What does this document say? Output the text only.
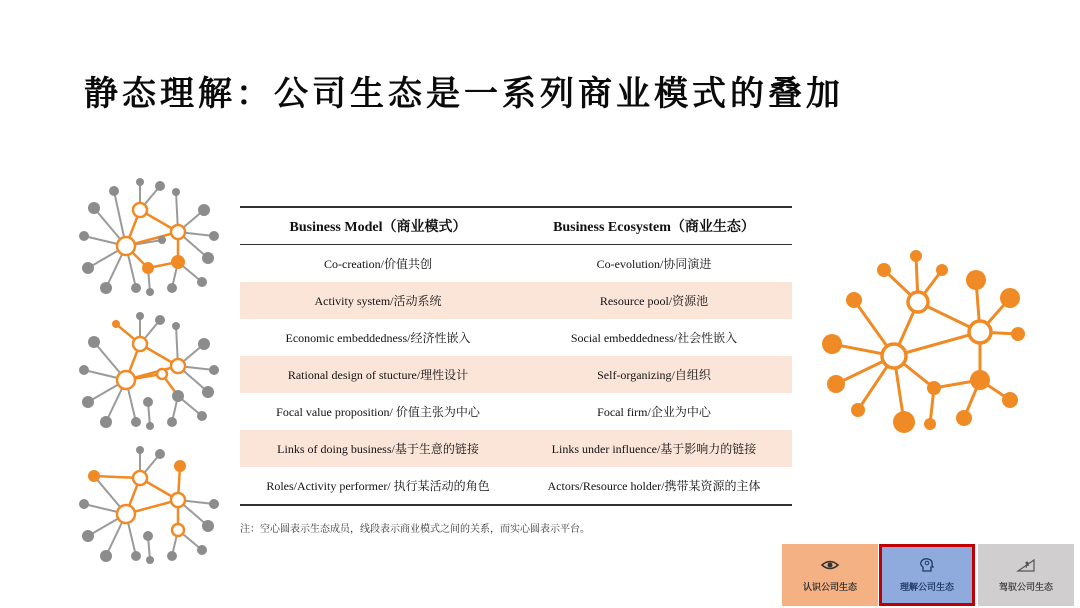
静态理解：公司生态是一系列商业模式的叠加
Business Model（商业模式）	Business Ecosystem（商业生态）
Co-creation/价值共创	Co-evolution/协同演进
Activity system/活动系统	Resource pool/资源池
Economic embeddedness/经济性嵌入	Social embeddedness/社会性嵌入
Rational design of stucture/理性设计	Self-organizing/自组织
Focal value proposition/ 价值主张为中心	Focal firm/企业为中心
Links of doing business/基于生意的链接	Links under influence/基于影响力的链接
Roles/Activity performer/ 执行某活动的角色	Actors/Resource holder/携带某资源的主体
注：空心圆表示生态成员，线段表示商业模式之间的关系，而实心圆表示平台。
认识公司生态	理解公司生态	驾驭公司生态
